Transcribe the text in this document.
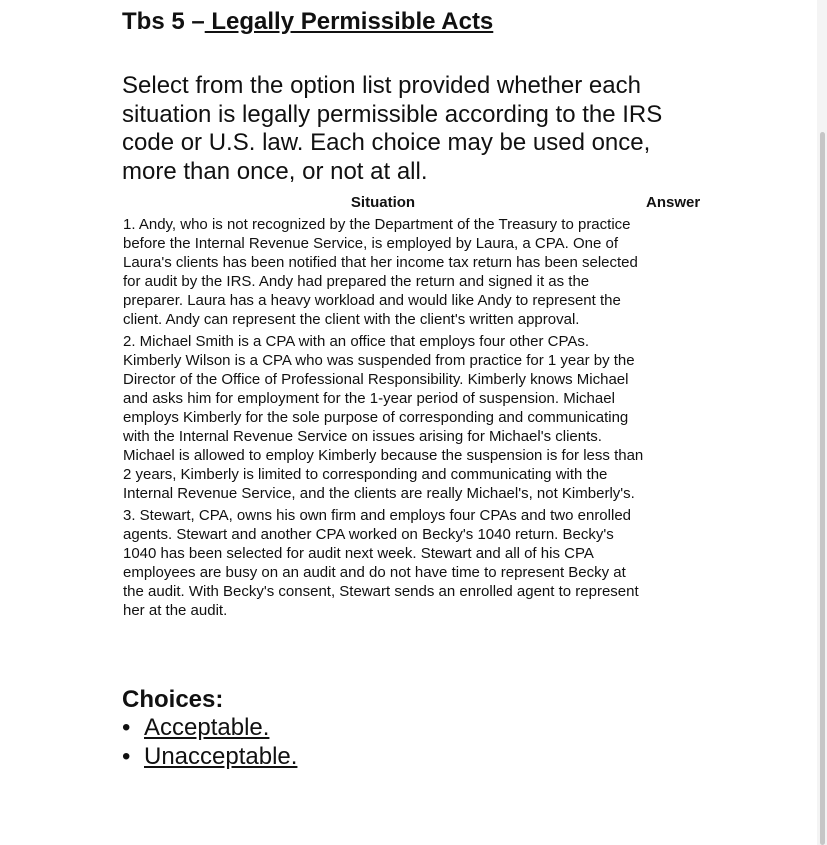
Tbs 5 – Legally Permissible Acts

Select from the option list provided whether each situation is legally permissible according to the IRS code or U.S. law. Each choice may be used once, more than once, or not at all.

Situation	Answer

1. Andy, who is not recognized by the Department of the Treasury to practice before the Internal Revenue Service, is employed by Laura, a CPA. One of Laura's clients has been notified that her income tax return has been selected for audit by the IRS. Andy had prepared the return and signed it as the preparer. Laura has a heavy workload and would like Andy to represent the client. Andy can represent the client with the client's written approval.

2. Michael Smith is a CPA with an office that employs four other CPAs. Kimberly Wilson is a CPA who was suspended from practice for 1 year by the Director of the Office of Professional Responsibility. Kimberly knows Michael and asks him for employment for the 1-year period of suspension. Michael employs Kimberly for the sole purpose of corresponding and communicating with the Internal Revenue Service on issues arising for Michael's clients. Michael is allowed to employ Kimberly because the suspension is for less than 2 years, Kimberly is limited to corresponding and communicating with the Internal Revenue Service, and the clients are really Michael's, not Kimberly's.

3. Stewart, CPA, owns his own firm and employs four CPAs and two enrolled agents. Stewart and another CPA worked on Becky's 1040 return. Becky's 1040 has been selected for audit next week. Stewart and all of his CPA employees are busy on an audit and do not have time to represent Becky at the audit. With Becky's consent, Stewart sends an enrolled agent to represent her at the audit.

Choices:
• Acceptable.
• Unacceptable.
